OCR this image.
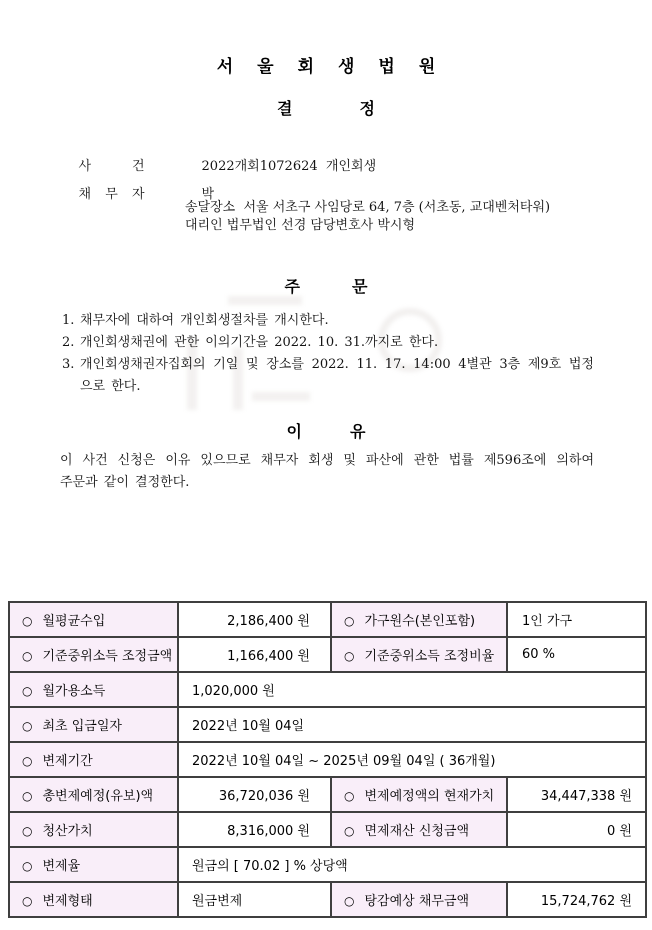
서울회생법원
결정

사 건	2022개회1072624  개인회생

채 무 자	박

송달장소  서울 서초구 사임당로 64, 7층 (서초동, 교대벤처타워)
대리인 법무법인 선경 담당변호사 박시형
주문
1. 채무자에 대하여 개인회생절차를 개시한다.
2. 개인회생채권에 관한 이의기간을 2022. 10. 31.까지로 한다.
3. 개인회생채권자집회의 기일 및 장소를 2022. 11. 17. 14:00 4별관 3층 제9호 법정
으로 한다.
이유
이 사건 신청은 이유 있으므로 채무자 회생 및 파산에 관한 법률 제596조에 의하여
주문과 같이 결정한다.
○ 월평균수입	2,186,400 원	○ 가구원수(본인포함)	1인 가구
○ 기준중위소득 조정금액	1,166,400 원	○ 기준중위소득 조정비율	60 %
○ 월가용소득	1,020,000 원		
○ 최초 입금일자	2022년 10월 04일		
○ 변제기간	2022년 10월 04일 ~ 2025년 09월 04일 ( 36개월)		
○ 총변제예정(유보)액	36,720,036 원	○ 변제예정액의 현재가치	34,447,338 원
○ 청산가치	8,316,000 원	○ 면제재산 신청금액	0 원
○ 변제율	원금의 [ 70.02 ] % 상당액		
○ 변제형태	원금변제	○ 탕감예상 채무금액	15,724,762 원
